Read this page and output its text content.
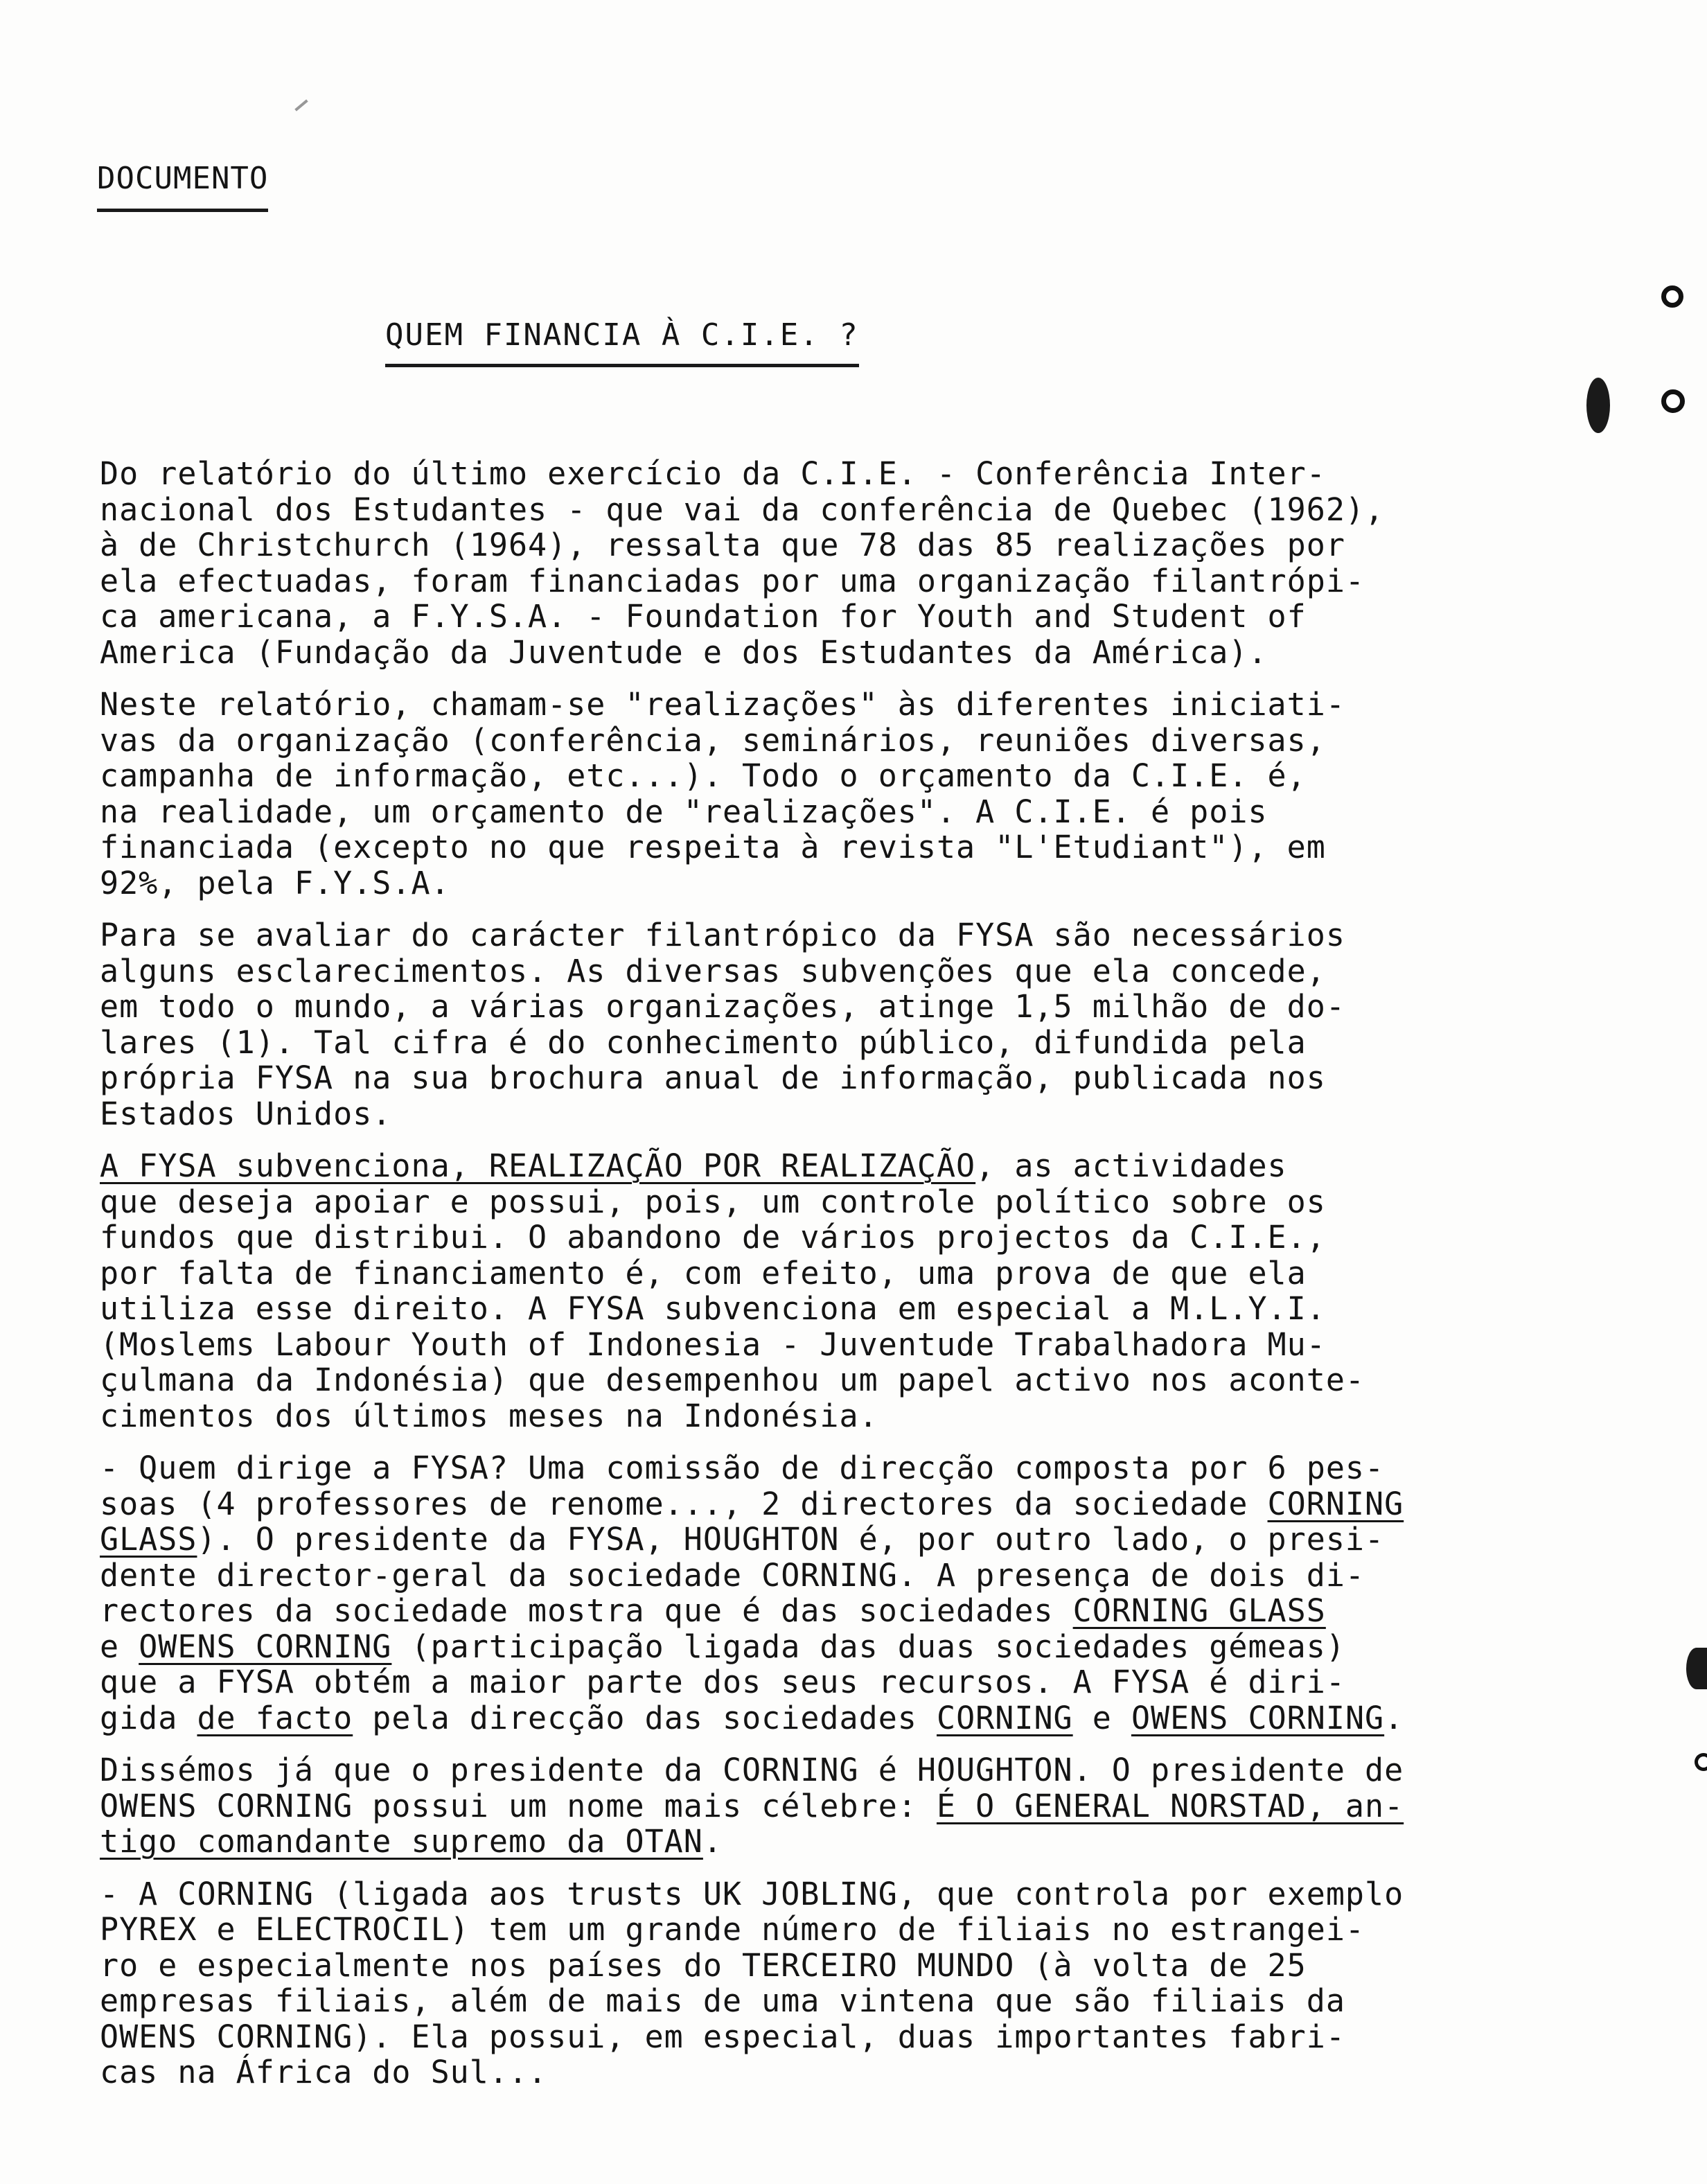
DOCUMENTO
QUEM FINANCIA À C.I.E. ?

Do relatório do último exercício da C.I.E. - Conferência Inter-
nacional dos Estudantes - que vai da conferência de Quebec (1962),
à de Christchurch (1964), ressalta que 78 das 85 realizações por
ela efectuadas, foram financiadas por uma organização filantrópi-
ca americana, a F.Y.S.A. - Foundation for Youth and Student of
America (Fundação da Juventude e dos Estudantes da América).

Neste relatório, chamam-se "realizações" às diferentes iniciati-
vas da organização (conferência, seminários, reuniões diversas,
campanha de informação, etc...). Todo o orçamento da C.I.E. é,
na realidade, um orçamento de "realizações". A C.I.E. é pois
financiada (excepto no que respeita à revista "L'Etudiant"), em
92%, pela F.Y.S.A.

Para se avaliar do carácter filantrópico da FYSA são necessários
alguns esclarecimentos. As diversas subvenções que ela concede,
em todo o mundo, a várias organizações, atinge 1,5 milhão de do-
lares (1). Tal cifra é do conhecimento público, difundida pela
própria FYSA na sua brochura anual de informação, publicada nos
Estados Unidos.

A FYSA subvenciona, REALIZAÇÃO POR REALIZAÇÃO, as actividades
que deseja apoiar e possui, pois, um controle político sobre os
fundos que distribui. O abandono de vários projectos da C.I.E.,
por falta de financiamento é, com efeito, uma prova de que ela
utiliza esse direito. A FYSA subvenciona em especial a M.L.Y.I.
(Moslems Labour Youth of Indonesia - Juventude Trabalhadora Mu-
çulmana da Indonésia) que desempenhou um papel activo nos aconte-
cimentos dos últimos meses na Indonésia.

- Quem dirige a FYSA? Uma comissão de direcção composta por 6 pes-
soas (4 professores de renome..., 2 directores da sociedade CORNING
GLASS). O presidente da FYSA, HOUGHTON é, por outro lado, o presi-
dente director-geral da sociedade CORNING. A presença de dois di-
rectores da sociedade mostra que é das sociedades CORNING GLASS
e OWENS CORNING (participação ligada das duas sociedades gémeas)
que a FYSA obtém a maior parte dos seus recursos. A FYSA é diri-
gida de facto pela direcção das sociedades CORNING e OWENS CORNING.

Dissémos já que o presidente da CORNING é HOUGHTON. O presidente de
OWENS CORNING possui um nome mais célebre: É O GENERAL NORSTAD, an-
tigo comandante supremo da OTAN.

- A CORNING (ligada aos trusts UK JOBLING, que controla por exemplo
PYREX e ELECTROCIL) tem um grande número de filiais no estrangei-
ro e especialmente nos países do TERCEIRO MUNDO (à volta de 25
empresas filiais, além de mais de uma vintena que são filiais da
OWENS CORNING). Ela possui, em especial, duas importantes fabri-
cas na África do Sul...
